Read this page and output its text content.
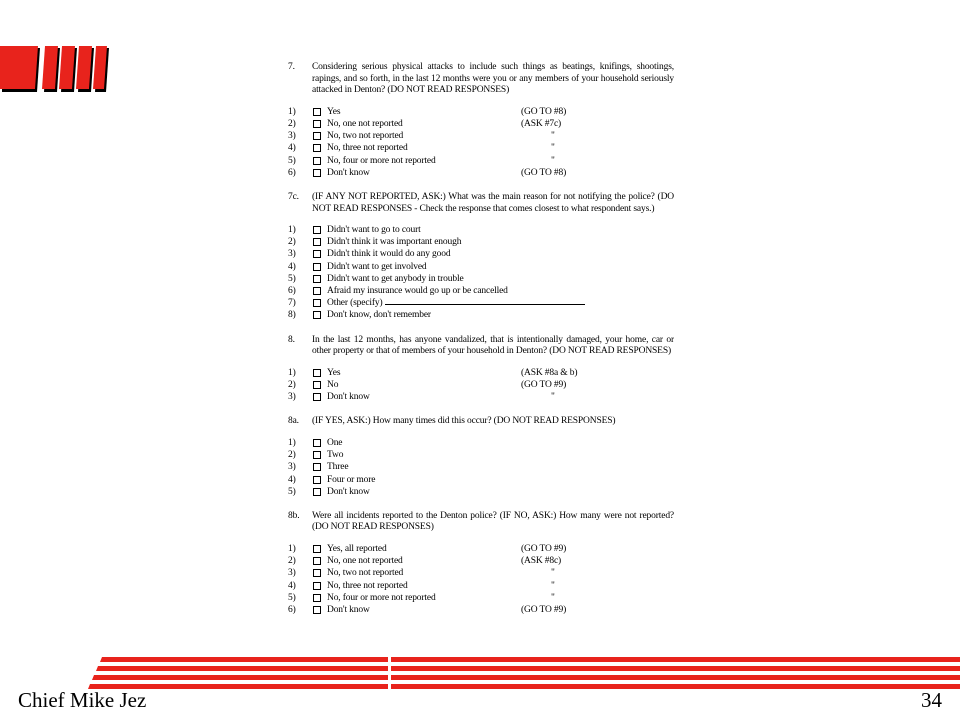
7.	Considering serious physical attacks to include such things as beatings, knifings, shootings, rapings, and so forth, in the last 12 months were you or any members of your household seriously attacked in Denton? (DO NOT READ RESPONSES)
1)	Yes	(GO TO #8)
2)	No, one not reported	(ASK #7c)
3)	No, two not reported	"
4)	No, three not reported	"
5)	No, four or more not reported	"
6)	Don't know	(GO TO #8)
7c.	(IF ANY NOT REPORTED, ASK:) What was the main reason for not notifying the police? (DO NOT READ RESPONSES - Check the response that comes closest to what respondent says.)
1)	Didn't want to go to court
2)	Didn't think it was important enough
3)	Didn't think it would do any good
4)	Didn't want to get involved
5)	Didn't want to get anybody in trouble
6)	Afraid my insurance would go up or be cancelled
7)	Other (specify)
8)	Don't know, don't remember
8.	In the last 12 months, has anyone vandalized, that is intentionally damaged, your home, car or other property or that of members of your household in Denton? (DO NOT READ RESPONSES)
1)	Yes	(ASK #8a & b)
2)	No	(GO TO #9)
3)	Don't know	"
8a.	(IF YES, ASK:) How many times did this occur? (DO NOT READ RESPONSES)
1)	One
2)	Two
3)	Three
4)	Four or more
5)	Don't know
8b.	Were all incidents reported to the Denton police? (IF NO, ASK:) How many were not reported? (DO NOT READ RESPONSES)
1)	Yes, all reported	(GO TO #9)
2)	No, one not reported	(ASK #8c)
3)	No, two not reported	"
4)	No, three not reported	"
5)	No, four or more not reported	"
6)	Don't know	(GO TO #9)
Chief Mike Jez	34
